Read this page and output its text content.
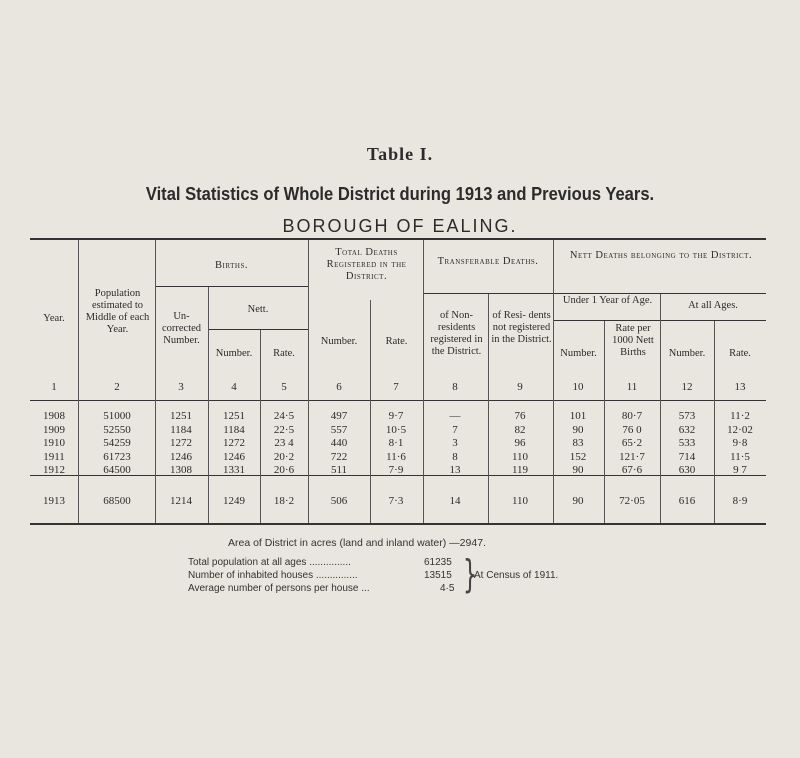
Table I.
Vital Statistics of Whole District during 1913 and Previous Years.
BOROUGH OF EALING.
Year.
Population estimated to Middle of each Year.
Births.
Un- corrected Number.
Nett.
Number.	Rate.
Total Deaths Registered in the District.
Number.	Rate.
Transferable Deaths.
of Non- residents registered in the District.
of Resi- dents not registered in the District.
Nett Deaths belonging to the District.
Under 1 Year of Age.	At all Ages.
Number.
Rate per 1000 Nett Births	Number.	Rate.
1	2	3	4	5	6	7	8	9	10	11	12	13
1908	51000	1251	1251	24·5	497	9·7	—	76	101	80·7	573	11·2
1909	52550	1184	1184	22·5	557	10·5	7	82	90	76 0	632	12·02
1910	54259	1272	1272	23 4	440	8·1	3	96	83	65·2	533	9·8
1911	61723	1246	1246	20·2	722	11·6	8	110	152	121·7	714	11·5
1912	64500	1308	1331	20·6	511	7·9	13	119	90	67·6	630	9 7
1913	68500	1214	1249	18·2	506	7·3	14	110	90	72·05	616	8·9
Area of District in acres (land and inland water) —2947.
Total population at all ages ...............	61235
Number of inhabited houses ...............	13515
Average number of persons per house ...	4·5 }
At Census of 1911.
